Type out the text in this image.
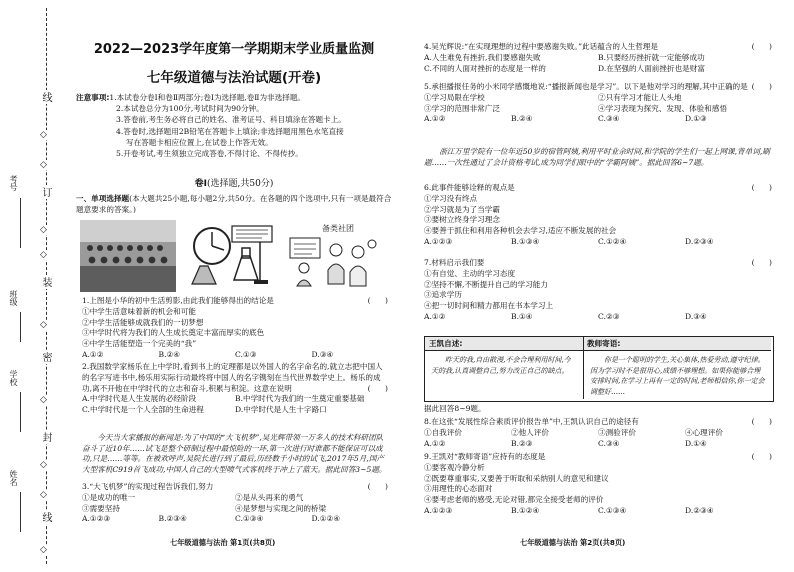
线
订
装
密
封
线
◇
◇
◇
◇
◇
◇
◇
◇
◇
考号
班级
学校
姓名
2022—2023学年度第一学期期末学业质量监测
七年级道德与法治试题(开卷)
注意事项:1.本试卷分卷Ⅰ和卷Ⅱ两部分;卷Ⅰ为选择题,卷Ⅱ为非选择题。
2.本试卷总分为100分,考试时间为90分钟。
3.答卷前,考生务必将自己的姓名、准考证号、科目填涂在答题卡上。
4.答卷时,选择题用2B铅笔在答题卡上填涂;非选择题用黑色水笔直接
写在答题卡相应位置上,在试卷上作答无效。
5.开卷考试,考生须独立完成答卷,不得讨论、不得传抄。
卷Ⅰ(选择题,共50分)
一、单项选择题(本大题共25小题,每小题2分,共50分。在各题的四个选项中,只有一项是最符合题意要求的答案。)
备类社团
1.上图是小华的初中生活剪影,由此我们能够得出的结论是	(      )
①中学生活意味着新的机会和可能
②中学生活能够成就我们的一切梦想
③中学时代将为我们的人生成长奠定丰富而厚实的底色
④中学生活能塑造一个完美的“我”
A.①②	B.②④	C.①③	D.③④
2.我国数学家杨乐在上中学时,看到书上的定理都是以外国人的名字命名的,就立志把中国人的名字写进书中,杨乐用实际行动最终将中国人的名字镌刻在当代世界数学史上。杨乐的成功,离不开他在中学时代的立志和奋斗,积累与积淀。这意在说明	(      )
A.中学时代是人生发展的必经阶段	B.中学时代为我们的一生奠定重要基础
C.中学时代是一个人全部的生命进程	D.中学时代是人生十字路口
今天当大家播报的新闻是:为了中国的“大飞机梦”,吴光辉带领一万多人的技术科研团队奋斗了近10年……试飞是整个研制过程中最惊险的一环,第一次进行时谁都不能保证可以成功,只是……等等。在被欢呼声,吴院长进行到了最后,历经数千小时的试飞,2017年5月,国产大型客机C919首飞成功,中国人自己的大型喷气式客机终于冲上了蓝天。据此回答3~5题。
3.“大飞机梦”的实现过程告诉我们,努力	(      )
①是成功的唯一	②是从头再来的勇气
③需要坚持	④是梦想与实现之间的桥梁
A.①②③	B.②③④	C.①③④	D.①②④
七年级道德与法治 第1页(共8页)
4.吴光辉说:“在实现理想的过程中要感谢失败。”此话蕴含的人生哲理是	(      )
A.人生难免有挫折,我们要感谢失败	B.只要经历挫折就一定能够成功
C.不同的人面对挫折的态度是一样的	D.在坚强的人面前挫折也是财富
5.承担播报任务的小米同学感慨地说:“播报新闻也是学习”。以下是他对学习的理解,其中正确的是 (      )
①学习局限在学校	②只有学习才能让人头地
③学习的范围非常广泛	④学习表现为探究、发现、体验和感悟
A.①②	B.②④	C.③④	D.①③
浙江万里学院有一位年近50岁的宿管阿姨,利用平时业余时间,和学院的学生们一起上网课,背单词,刷题……一次性通过了会计资格考试,成为同学们眼中的“学霸阿姨”。据此回答6~7题。
6.此事件能够诠释的观点是	(      )
①学习没有终点
②学习就是为了当学霸
③要树立终身学习理念
④要善于抓住和利用各种机会去学习,适应不断发展的社会
A.①②③	B.①③④	C.①②④	D.②③④
7.材料启示我们要	(      )
①有自觉、主动的学习态度
②坚持不懈,不断提升自己的学习能力
③追求学历
④把一切时间和精力都用在书本学习上
A.①②	B.①④	C.②③	D.③④
王凯自述:	教师寄语:
昨天的我,自由散漫,不会合理利用时间,今天的我,认真调整自己,努力改正自己的缺点。
你是一个聪明的学生,关心集体,热爱劳动,遵守纪律。因为学习时不是很用心,成绩不够理想。如果你能够合理安排时间,在学习上再有一定的时间,老师相信你,你一定会调整好……
据此回答8~9题。
8.在这张“发展性综合素质评价报告单”中,王凯认识自己的途径有	(      )
①自我评价	②他人评价	③测验评价	④心理评价
A.①②	B.②③	C.③④	D.①④
9.王凯对“教师寄语”应持有的态度是	(      )
①要客观冷静分析
②既要尊重事实,又要善于听取和采纳别人的意见和建议
③用理性的心态面对
④要考虑老师的感受,无论对错,都完全接受老师的评价
A.①②③	B.①②④	C.①③④	D.②③④
七年级道德与法治 第2页(共8页)
